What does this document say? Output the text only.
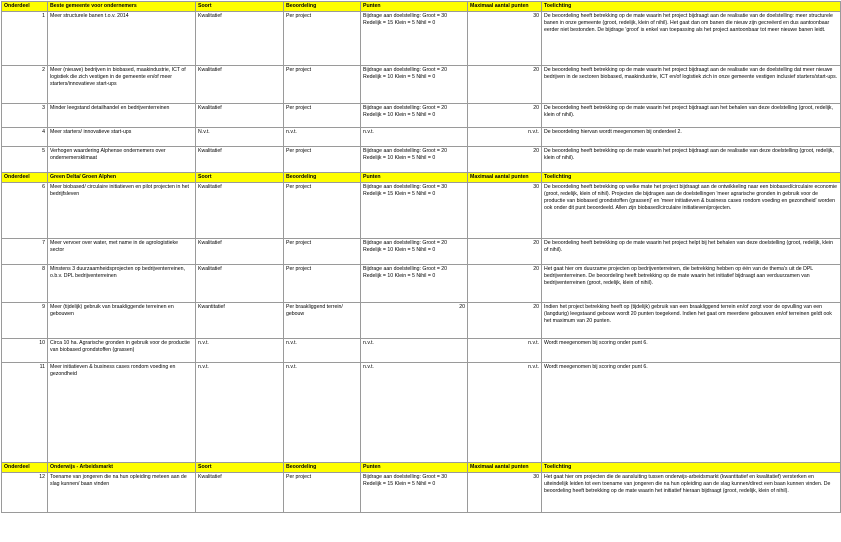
Onderdeel	Beste gemeente voor ondernemers	Soort	Beoordeling	Punten	Maximaal aantal punten	Toelichting
1	Meer structurele banen t.o.v. 2014	Kwalitatief	Per project	Bijdrage aan doelstelling: Groot = 30 Redelijk = 15 Klein = 5 Nihil = 0	30	De beoordeling heeft betrekking op de mate waarin het project bijdraagt aan de realisatie van de doelstelling: meer structurele banen in onze gemeente (groot, redelijk, klein of nihil). Het gaat dan om banen die nieuw zijn gecreëerd en dus aantoonbaar eerder niet bestonden. De bijdrage 'groot' is enkel van toepassing als het project aantoonbaar tot meer nieuwe banen leidt.
2	Meer (nieuwe) bedrijven in biobased, maakindustrie, ICT of logistiek die zich vestigen in de gemeente en/of meer starters/innovatieve start-ups	Kwalitatief	Per project	Bijdrage aan doelstelling: Groot = 20 Redelijk = 10 Klein = 5 Nihil = 0	20	De beoordeling heeft betrekking op de mate waarin het project bijdraagt aan de realisatie van de doelstelling dat meer nieuwe bedrijven in de sectoren biobased, maakindustrie, ICT en/of logistiek zich in onze gemeente vestigen inclusief starters/start-ups.
3	Minder leegstand detailhandel en bedrijventerreinen	Kwalitatief	Per project	Bijdrage aan doelstelling: Groot = 20 Redelijk = 10 Klein = 5 Nihil = 0	20	De beoordeling heeft betrekking op de mate waarin het project bijdraagt aan het behalen van deze doelstelling (groot, redelijk, klein of nihil).
4	Meer starters/ innovatieve start-ups	N.v.t.	n.v.t.	n.v.t.	n.v.t.	De beoordeling hiervan wordt meegenomen bij onderdeel 2.
5	Verhogen waardering Alphense ondernemers over ondernemersklimaat	Kwalitatief	Per project	Bijdrage aan doelstelling: Groot = 20 Redelijk = 10 Klein = 5 Nihil = 0	20	De beoordeling heeft betrekking op de mate waarin het project bijdraagt aan de realisatie van deze doelstelling (groot, redelijk, klein of nihil).
Onderdeel	Green Delta/ Groen Alphen	Soort	Beoordeling	Punten	Maximaal aantal punten	Toelichting
6	Meer biobased/ circulaire initiatieven en pilot projecten in het bedrijfsleven	Kwalitatief	Per project	Bijdrage aan doelstelling: Groot = 30 Redelijk = 15 Klein = 5 Nihil = 0	30	De beoordeling heeft betrekking op welke mate het project bijdraagt aan de ontwikkeling naar een biobased/circulaire economie (groot, redelijk, klein of nihil). Projecten die bijdragen aan de doelstellingen 'meer agrarische gronden in gebruik voor de productie van biobased grondstoffen (grassen)' en 'meer initiatieven & business cases rondom voeding en gezondheid' worden ook onder dit punt beoordeeld. Allen zijn biobased/circulaire initiatieven/projecten.
7	Meer vervoer over water, met name in de agrologistieke sector	Kwalitatief	Per project	Bijdrage aan doelstelling: Groot = 20 Redelijk = 10 Klein = 5 Nihil = 0	20	De beoordeling heeft betrekking op de mate waarin het project helpt bij het behalen van deze doelstelling (groot, redelijk, klein of nihil).
8	Minstens 3 duurzaamheidsprojecten op bedrijventerreinen, o.b.v. DPL bedrijventerreinen	Kwalitatief	Per project	Bijdrage aan doelstelling: Groot = 20 Redelijk = 10 Klein = 5 Nihil = 0	20	Het gaat hier om duurzame projecten op bedrijventerreinen, die betrekking hebben op één van de thema's uit de DPL bedrijventerreinen. De beoordeling heeft betrekking op de mate waarin het initiatief bijdraagt aan verduurzamen van bedrijventerreinen (groot, redelijk, klein of nihil).
9	Meer (tijdelijk) gebruik van braakliggende terreinen en gebouwen	Kwantitatief	Per braakliggend terrein/ gebouw	20	20	Indien het project betrekking heeft op (tijdelijk) gebruik van een braakliggend terrein en/of zorgt voor de opvulling van een (langdurig) leegstaand gebouw wordt 20 punten toegekend. Indien het gaat om meerdere gebouwen en/of terreinen geldt ook het maximum van 20 punten.
10	Circa 10 ha. Agrarische gronden in gebruik voor de productie van biobased grondstoffen (grassen)	n.v.t.	n.v.t.	n.v.t.	n.v.t.	Wordt meegenomen bij scoring onder punt 6.
11	Meer initiatieven & business cases rondom voeding en gezondheid	n.v.t.	n.v.t.	n.v.t.	n.v.t.	Wordt meegenomen bij scoring onder punt 6.
Onderdeel	Onderwijs - Arbeidsmarkt	Soort	Beoordeling	Punten	Maximaal aantal punten	Toelichting
12	Toename van jongeren die na hun opleiding meteen aan de slag kunnen/ baan vinden	Kwalitatief	Per project	Bijdrage aan doelstelling: Groot = 30 Redelijk = 15 Klein = 5 Nihil = 0	30	Het gaat hier om projecten die de aansluiting tussen onderwijs-arbeidsmarkt (kwantitatief en kwalitatief) versterken en uiteindelijk leiden tot een toename van jongeren die na hun opleiding aan de slag kunnen/direct een baan kunnen vinden. De beoordeling heeft betrekking op de mate waarin het initiatief hieraan bijdraagt (groot, redelijk, klein of nihil).
